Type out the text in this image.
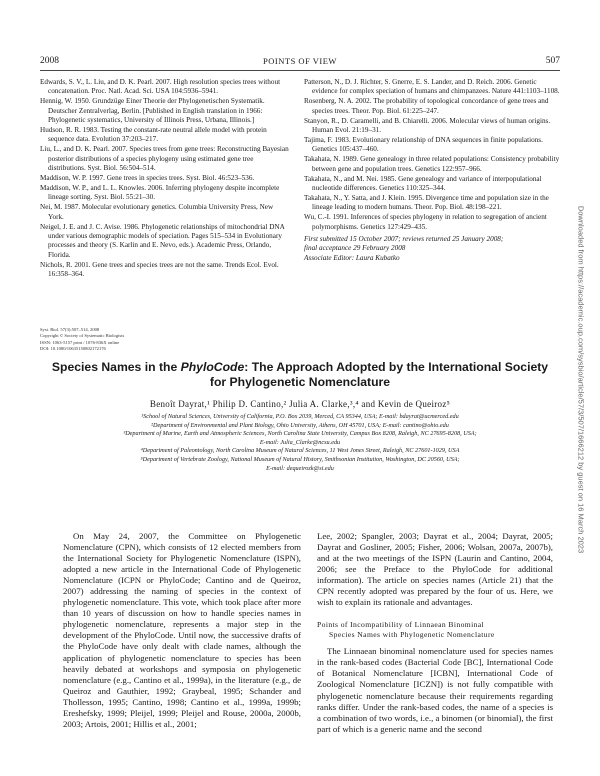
2008	POINTS OF VIEW	507
Edwards, S. V., L. Liu, and D. K. Pearl. 2007. High resolution species trees without concatenation. Proc. Natl. Acad. Sci. USA 104:5936–5941.
Hennig, W. 1950. Grundzüge Einer Theorie der Phylogenetischen Systematik. Deutscher Zentralverlag, Berlin. [Published in English translation in 1966: Phylogenetic systematics, University of Illinois Press, Urbana, Illinois.]
Hudson, R. R. 1983. Testing the constant-rate neutral allele model with protein sequence data. Evolution 37:203–217.
Liu, L., and D. K. Pearl. 2007. Species trees from gene trees: Reconstructing Bayesian posterior distributions of a species phylogeny using estimated gene tree distributions. Syst. Biol. 56:504–514.
Maddison, W. P. 1997. Gene trees in species trees. Syst. Biol. 46:523–536.
Maddison, W. P., and L. L. Knowles. 2006. Inferring phylogeny despite incomplete lineage sorting. Syst. Biol. 55:21–30.
Nei, M. 1987. Molecular evolutionary genetics. Columbia University Press, New York.
Neigel, J. E. and J. C. Avise. 1986. Phylogenetic relationships of mitochondrial DNA under various demographic models of speciation. Pages 515–534 in Evolutionary processes and theory (S. Karlin and E. Nevo, eds.). Academic Press, Orlando, Florida.
Nichols, R. 2001. Gene trees and species trees are not the same. Trends Ecol. Evol. 16:358–364.
Patterson, N., D. J. Richter, S. Gnerre, E. S. Lander, and D. Reich. 2006. Genetic evidence for complex speciation of humans and chimpanzees. Nature 441:1103–1108.
Rosenberg, N. A. 2002. The probability of topological concordance of gene trees and species trees. Theor. Pop. Biol. 61:225–247.
Stanyon, R., D. Caramelli, and B. Chiarelli. 2006. Molecular views of human origins. Human Evol. 21:19–31.
Tajima, F. 1983. Evolutionary relationship of DNA sequences in finite populations. Genetics 105:437–460.
Takahata, N. 1989. Gene genealogy in three related populations: Consistency probability between gene and population trees. Genetics 122:957–966.
Takahata, N., and M. Nei. 1985. Gene genealogy and variance of interpopulational nucleotide differences. Genetics 110:325–344.
Takahata, N., Y. Satta, and J. Klein. 1995. Divergence time and population size in the lineage leading to modern humans. Theor. Pop. Biol. 48:198–221.
Wu, C.-I. 1991. Inferences of species phylogeny in relation to segregation of ancient polymorphisms. Genetics 127:429–435.
First submitted 15 October 2007; reviews returned 25 January 2008;
final acceptance 29 February 2008
Associate Editor: Laura Kubatko	Downloaded from https://academic.oup.com/sysbio/article/57/3/507/1666212 by guest on 16 March 2023
Syst. Biol. 57(3):507–514, 2008
Copyright © Society of Systematic Biologists
ISSN: 1063-5157 print / 1076-836X online
DOI: 10.1080/10635150802172176
Species Names in the PhyloCode: The Approach Adopted by the International Society
for Phylogenetic Nomenclature
Benoît Dayrat,¹ Philip D. Cantino,² Julia A. Clarke,³,⁴ and Kevin de Queiroz⁵
¹School of Natural Sciences, University of California, P.O. Box 2039, Merced, CA 95344, USA; E-mail: bdayrat@ucmerced.edu
²Department of Environmental and Plant Biology, Ohio University, Athens, OH 45701, USA; E-mail: cantino@ohio.edu
³Department of Marine, Earth and Atmospheric Sciences, North Carolina State University, Campus Box 8208, Raleigh, NC 27695-8208, USA;
E-mail: Julia_Clarke@ncsu.edu
⁴Department of Paleontology, North Carolina Museum of Natural Sciences, 11 West Jones Street, Raleigh, NC 27601-1029, USA
⁵Department of Vertebrate Zoology, National Museum of Natural History, Smithsonian Institution, Washington, DC 20560, USA;
E-mail: dequeirozk@si.edu

On May 24, 2007, the Committee on Phylogenetic Nomenclature (CPN), which consists of 12 elected members from the International Society for Phylogenetic Nomenclature (ISPN), adopted a new article in the International Code of Phylogenetic Nomenclature (ICPN or PhyloCode; Cantino and de Queiroz, 2007) addressing the naming of species in the context of phylogenetic nomenclature. This vote, which took place after more than 10 years of discussion on how to handle species names in phylogenetic nomenclature, represents a major step in the development of the PhyloCode. Until now, the successive drafts of the PhyloCode have only dealt with clade names, although the application of phylogenetic nomenclature to species has been heavily debated at workshops and symposia on phylogenetic nomenclature (e.g., Cantino et al., 1999a), in the literature (e.g., de Queiroz and Gauthier, 1992; Graybeal, 1995; Schander and Thollesson, 1995; Cantino, 1998; Cantino et al., 1999a, 1999b; Ereshefsky, 1999; Pleijel, 1999; Pleijel and Rouse, 2000a, 2000b, 2003; Artois, 2001; Hillis et al., 2001;

Lee, 2002; Spangler, 2003; Dayrat et al., 2004; Dayrat, 2005; Dayrat and Gosliner, 2005; Fisher, 2006; Wolsan, 2007a, 2007b), and at the two meetings of the ISPN (Laurin and Cantino, 2004, 2006; see the Preface to the PhyloCode for additional information). The article on species names (Article 21) that the CPN recently adopted was prepared by the four of us. Here, we wish to explain its rationale and advantages.

Points of Incompatibility of Linnaean Binominal
Species Names with Phylogenetic Nomenclature

The Linnaean binominal nomenclature used for species names in the rank-based codes (Bacterial Code [BC], International Code of Botanical Nomenclature [ICBN], International Code of Zoological Nomenclature [ICZN]) is not fully compatible with phylogenetic nomenclature because their requirements regarding ranks differ. Under the rank-based codes, the name of a species is a combination of two words, i.e., a binomen (or binomial), the first part of which is a generic name and the second
